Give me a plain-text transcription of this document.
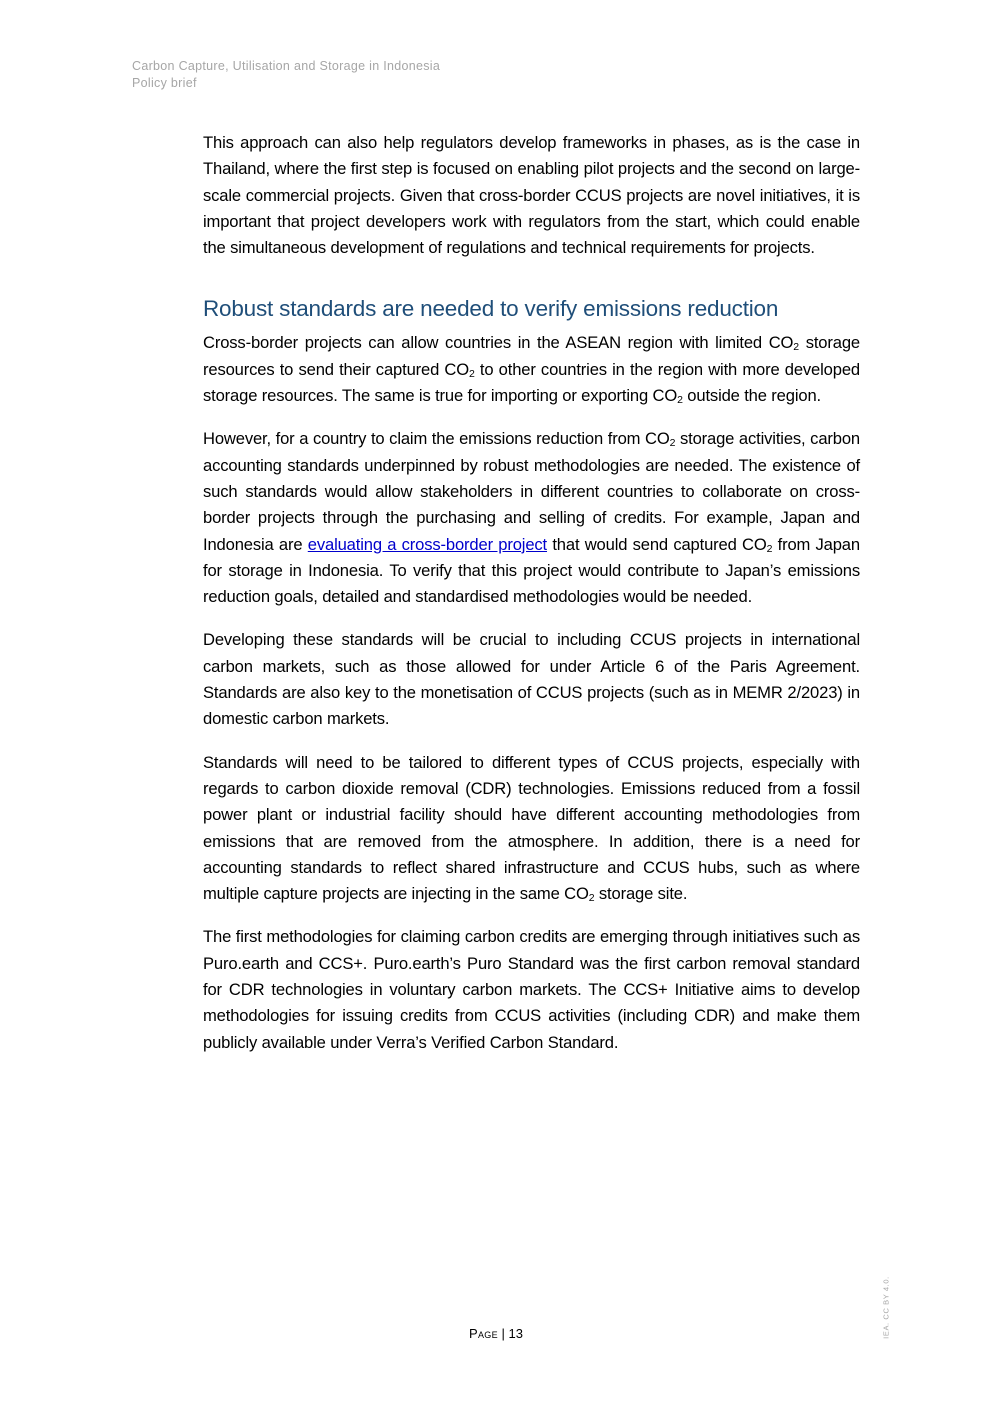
Carbon Capture, Utilisation and Storage in Indonesia
Policy brief

This approach can also help regulators develop frameworks in phases, as is the case in Thailand, where the first step is focused on enabling pilot projects and the second on large-scale commercial projects. Given that cross-border CCUS projects are novel initiatives, it is important that project developers work with regulators from the start, which could enable the simultaneous development of regulations and technical requirements for projects.

Robust standards are needed to verify emissions reduction

Cross-border projects can allow countries in the ASEAN region with limited $CO_2$ storage resources to send their captured $CO_2$ to other countries in the region with more developed storage resources. The same is true for importing or exporting $CO_2$ outside the region.

However, for a country to claim the emissions reduction from $CO_2$ storage activities, carbon accounting standards underpinned by robust methodologies are needed. The existence of such standards would allow stakeholders in different countries to collaborate on cross-border projects through the purchasing and selling of credits. For example, Japan and Indonesia are evaluating a cross-border project that would send captured $CO_2$ from Japan for storage in Indonesia. To verify that this project would contribute to Japan’s emissions reduction goals, detailed and standardised methodologies would be needed.

Developing these standards will be crucial to including CCUS projects in international carbon markets, such as those allowed for under Article 6 of the Paris Agreement. Standards are also key to the monetisation of CCUS projects (such as in MEMR 2/2023) in domestic carbon markets.

Standards will need to be tailored to different types of CCUS projects, especially with regards to carbon dioxide removal (CDR) technologies. Emissions reduced from a fossil power plant or industrial facility should have different accounting methodologies from emissions that are removed from the atmosphere. In addition, there is a need for accounting standards to reflect shared infrastructure and CCUS hubs, such as where multiple capture projects are injecting in the same $CO_2$ storage site.

The first methodologies for claiming carbon credits are emerging through initiatives such as Puro.earth and CCS+. Puro.earth’s Puro Standard was the first carbon removal standard for CDR technologies in voluntary carbon markets. The CCS+ Initiative aims to develop methodologies for issuing credits from CCUS activities (including CDR) and make them publicly available under Verra’s Verified Carbon Standard.

IEA. CC BY 4.0.
Page | 13
